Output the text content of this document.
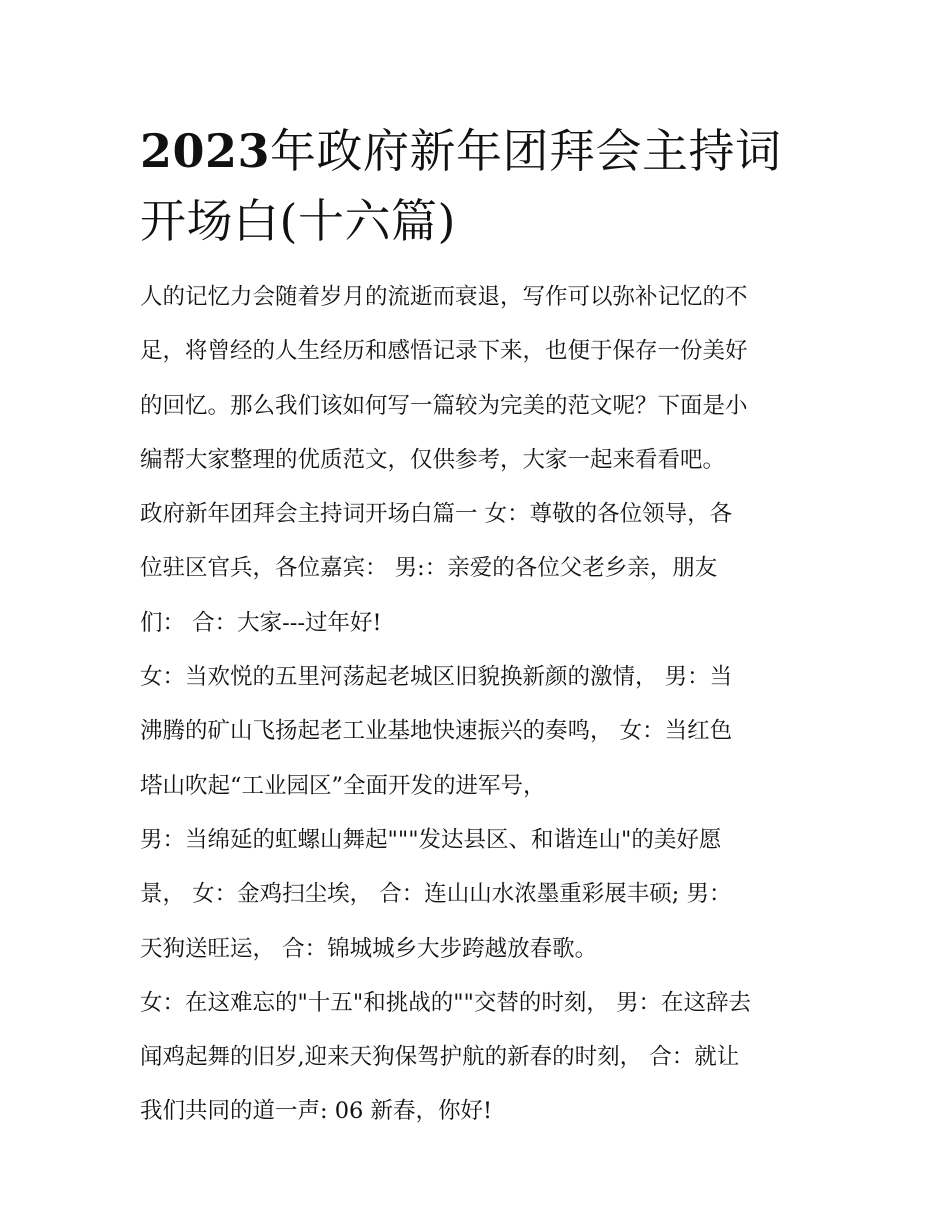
2023年政府新年团拜会主持词
开场白(十六篇)
人的记忆力会随着岁月的流逝而衰退，写作可以弥补记忆的不
足，将曾经的人生经历和感悟记录下来，也便于保存一份美好
的回忆。那么我们该如何写一篇较为完美的范文呢？下面是小
编帮大家整理的优质范文，仅供参考，大家一起来看看吧。
政府新年团拜会主持词开场白篇一 女：尊敬的各位领导，各
位驻区官兵，各位嘉宾： 男:：亲爱的各位父老乡亲，朋友
们： 合：大家---过年好!
女：当欢悦的五里河荡起老城区旧貌换新颜的激情， 男：当
沸腾的矿山飞扬起老工业基地快速振兴的奏鸣， 女：当红色
塔山吹起“工业园区”全面开发的进军号，
男：当绵延的虹螺山舞起"""发达县区、和谐连山"的美好愿
景， 女：金鸡扫尘埃， 合：连山山水浓墨重彩展丰硕; 男：
天狗送旺运， 合：锦城城乡大步跨越放春歌。
女：在这难忘的"十五"和挑战的""交替的时刻， 男：在这辞去
闻鸡起舞的旧岁,迎来天狗保驾护航的新春的时刻， 合：就让
我们共同的道一声: 06 新春，你好!
